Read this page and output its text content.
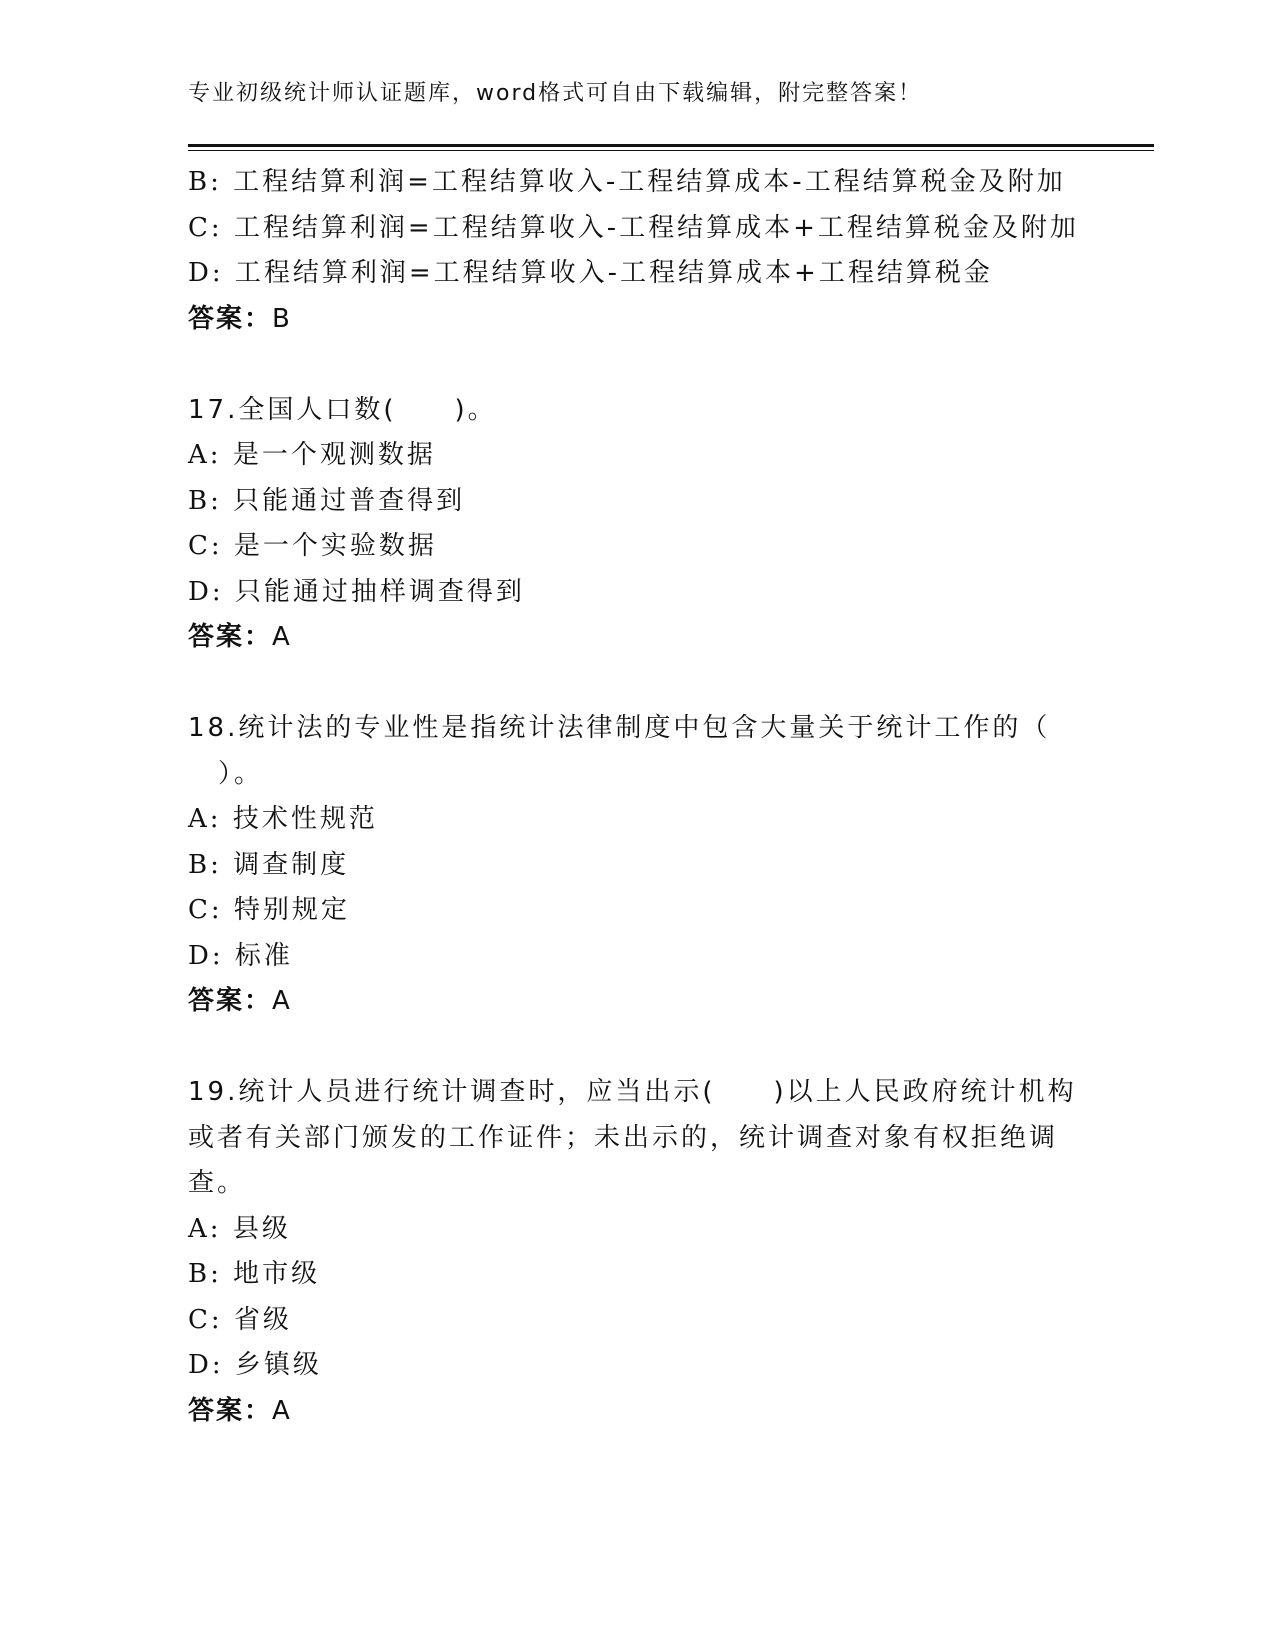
专业初级统计师认证题库，word格式可自由下载编辑，附完整答案！
B: 工程结算利润=工程结算收入-工程结算成本-工程结算税金及附加
C: 工程结算利润=工程结算收入-工程结算成本+工程结算税金及附加
D: 工程结算利润=工程结算收入-工程结算成本+工程结算税金
答案：B
17.全国人口数(　　)。
A: 是一个观测数据
B: 只能通过普查得到
C: 是一个实验数据
D: 只能通过抽样调查得到
答案：A
18.统计法的专业性是指统计法律制度中包含大量关于统计工作的（
）。
A: 技术性规范
B: 调查制度
C: 特别规定
D: 标准
答案：A
19.统计人员进行统计调查时，应当出示(　　)以上人民政府统计机构
或者有关部门颁发的工作证件；未出示的，统计调查对象有权拒绝调
查。
A: 县级
B: 地市级
C: 省级
D: 乡镇级
答案：A
